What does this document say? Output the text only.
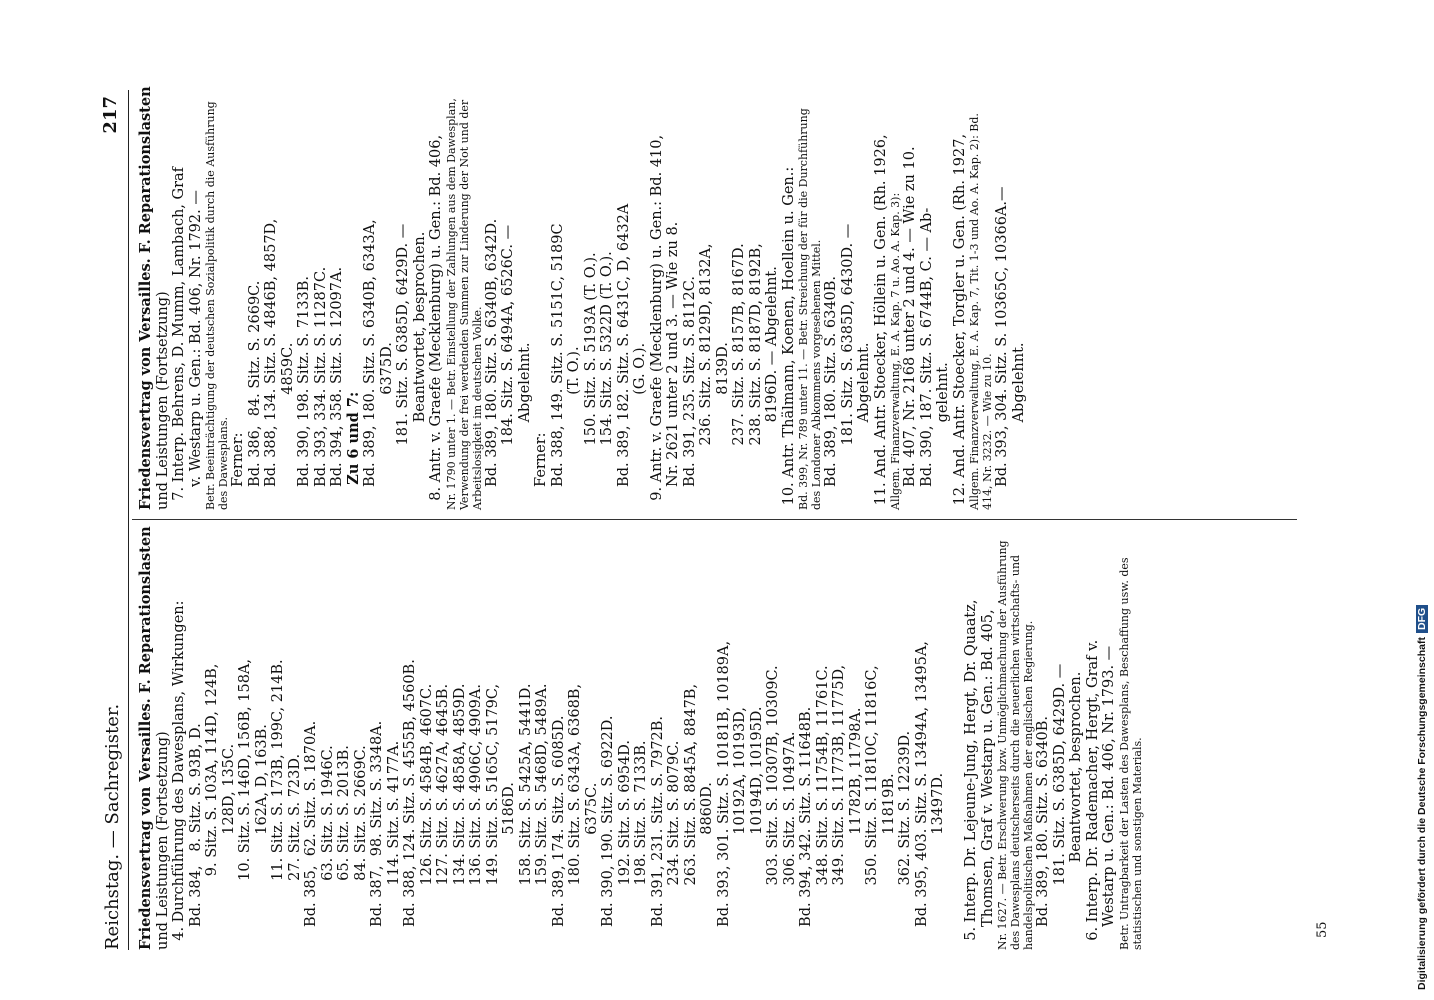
Reichstag. — Sachregister.
217
Friedensvertrag von Versailles. F. Reparationslasten und Leistungen (Fortsetzung) 4. Durchführung des Dawesplans, Wirkungen: Bd. 384,   8. Sitz. S. 93B, D. 9. Sitz. S. 103A, 114D, 124B, 128D, 135C. 10. Sitz. S. 146D, 156B, 158A, 162A, D, 163B. 11. Sitz. S. 173B, 199C, 214B. 27. Sitz. S. 723D. Bd. 385,  62. Sitz. S. 1870A. 63. Sitz. S. 1946C. 65. Sitz. S. 2013B. 84. Sitz. S. 2669C. Bd. 387,  98. Sitz. S. 3348A. 114. Sitz. S. 4177A. Bd. 388, 124. Sitz. S. 4555B, 4560B. 126. Sitz. S. 4584B, 4607C. 127. Sitz. S. 4627A, 4645B. 134. Sitz. S. 4858A, 4859D. 136. Sitz. S. 4906C, 4909A. 149. Sitz. S. 5165C, 5179C, 5186D. 158. Sitz. S. 5425A, 5441D. 159. Sitz. S. 5468D, 5489A. Bd. 389, 174. Sitz. S. 6085D. 180. Sitz. S. 6343A, 6368B, 6375C. Bd. 390, 190. Sitz. S. 6922D. 192. Sitz. S. 6954D. 198. Sitz. S. 7133B. Bd. 391, 231. Sitz. S. 7972B. 234. Sitz. S. 8079C. 263. Sitz. S. 8845A, 8847B, 8860D. Bd. 393, 301. Sitz. S. 10181B, 10189A, 10192A, 10193D, 10194D, 10195D. 303. Sitz. S. 10307B, 10309C. 306. Sitz. S. 10497A. Bd. 394, 342. Sitz. S. 11648B. 348. Sitz. S. 11754B, 11761C. 349. Sitz. S. 11773B, 11775D, 11782B, 11798A. 350. Sitz. S. 11810C, 11816C, 11819B. 362. Sitz. S. 12239D. Bd. 395, 403. Sitz. S. 13494A, 13495A, 13497D.
5. Interp. Dr. Lejeune-Jung, Hergt, Dr. Quaatz, Thomsen, Graf v. Westarp u. Gen.: Bd. 405, Nr. 1627. — Betr. Erschwerung bzw. Unmöglichmachung der Ausführung des Dawesplans deutscherseits durch die neuerlichen wirtschafts- und handelspolitischen Maßnahmen der englischen Regierung. Bd. 389, 180. Sitz. S. 6340B. 181. Sitz. S. 6385D, 6429D. — Beantwortet, besprochen. 6. Interp. Dr. Rademacher, Hergt, Graf v. Westarp u. Gen.: Bd. 406, Nr. 1793. — Betr. Untragbarkeit der Lasten des Dawesplans, Beschaffung usw. des statistischen und sonstigen Materials.
Friedensvertrag von Versailles. F. Reparationslasten und Leistungen (Fortsetzung) 7. Interp. Behrens, D. Mumm, Lambach, Graf v. Westarp u. Gen.: Bd. 406, Nr. 1792. — Betr. Beeinträchtigung der deutschen Sozialpolitik durch die Ausführung des Dawesplans. Ferner: Bd. 386,  84. Sitz. S. 2669C. Bd. 388, 134. Sitz. S. 4846B, 4857D, 4859C. Bd. 390, 198. Sitz. S. 7133B. Bd. 393, 334. Sitz. S. 11287C. Bd. 394, 358. Sitz. S. 12097A. Zu 6 und 7: Bd. 389, 180. Sitz. S. 6340B, 6343A, 6375D. 181. Sitz. S. 6385D, 6429D. — Beantwortet, besprochen. 8. Antr. v. Graefe (Mecklenburg) u. Gen.: Bd. 406, Nr. 1790 unter 1. — Betr. Einstellung der Zahlungen aus dem Dawesplan, Verwendung der frei werdenden Summen zur Linderung der Not und der Arbeitslosigkeit im deutschen Volke. Bd. 389, 180. Sitz. S. 6340B, 6342D. 184. Sitz. S. 6494A, 6526C. — Abgelehnt. Ferner: Bd. 388, 149. Sitz. S. 5151C, 5189C (T. O.). 150. Sitz. S. 5193A (T. O.). 154. Sitz. S. 5322D (T. O.). Bd. 389, 182. Sitz. S. 6431C, D, 6432A (G. O.). 9. Antr. v. Graefe (Mecklenburg) u. Gen.: Bd. 410, Nr. 2621 unter 2 und 3. — Wie zu 8. Bd. 391, 235. Sitz. S. 8112C. 236. Sitz. S. 8129D, 8132A, 8139D. 237. Sitz. S. 8157B, 8167D. 238. Sitz. S. 8187D, 8192B, 8196D. — Abgelehnt. 10. Antr. Thälmann, Koenen, Hoellein u. Gen.: Bd. 399, Nr. 789 unter 11. — Betr. Streichung der für die Durchführung des Londoner Abkommens vorgesehenen Mittel. Bd. 389, 180. Sitz. S. 6340B. 181. Sitz. S. 6385D, 6430D. — Abgelehnt. 11. And. Antr. Stoecker, Höllein u. Gen. (Rh. 1926, Allgem. Finanzverwaltung, E. A. Kap. 7 u. Ao. A. Kap. 3): Bd. 407, Nr. 2168 unter 2 und 4. — Wie zu 10. Bd. 390, 187. Sitz. S. 6744B, C. — Ab- gelehnt. 12. And. Antr. Stoecker, Torgler u. Gen. (Rh. 1927, Allgem. Finanzverwaltung, E. A. Kap. 7, Tit. 1-3 und Ao. A. Kap. 2): Bd. 414, Nr. 3232. — Wie zu 10. Bd. 393, 304. Sitz. S. 10365C, 10366A.— Abgelehnt.
55	Digitalisierung gefördert durch die Deutsche ForschungsgemeinschaftDFG
